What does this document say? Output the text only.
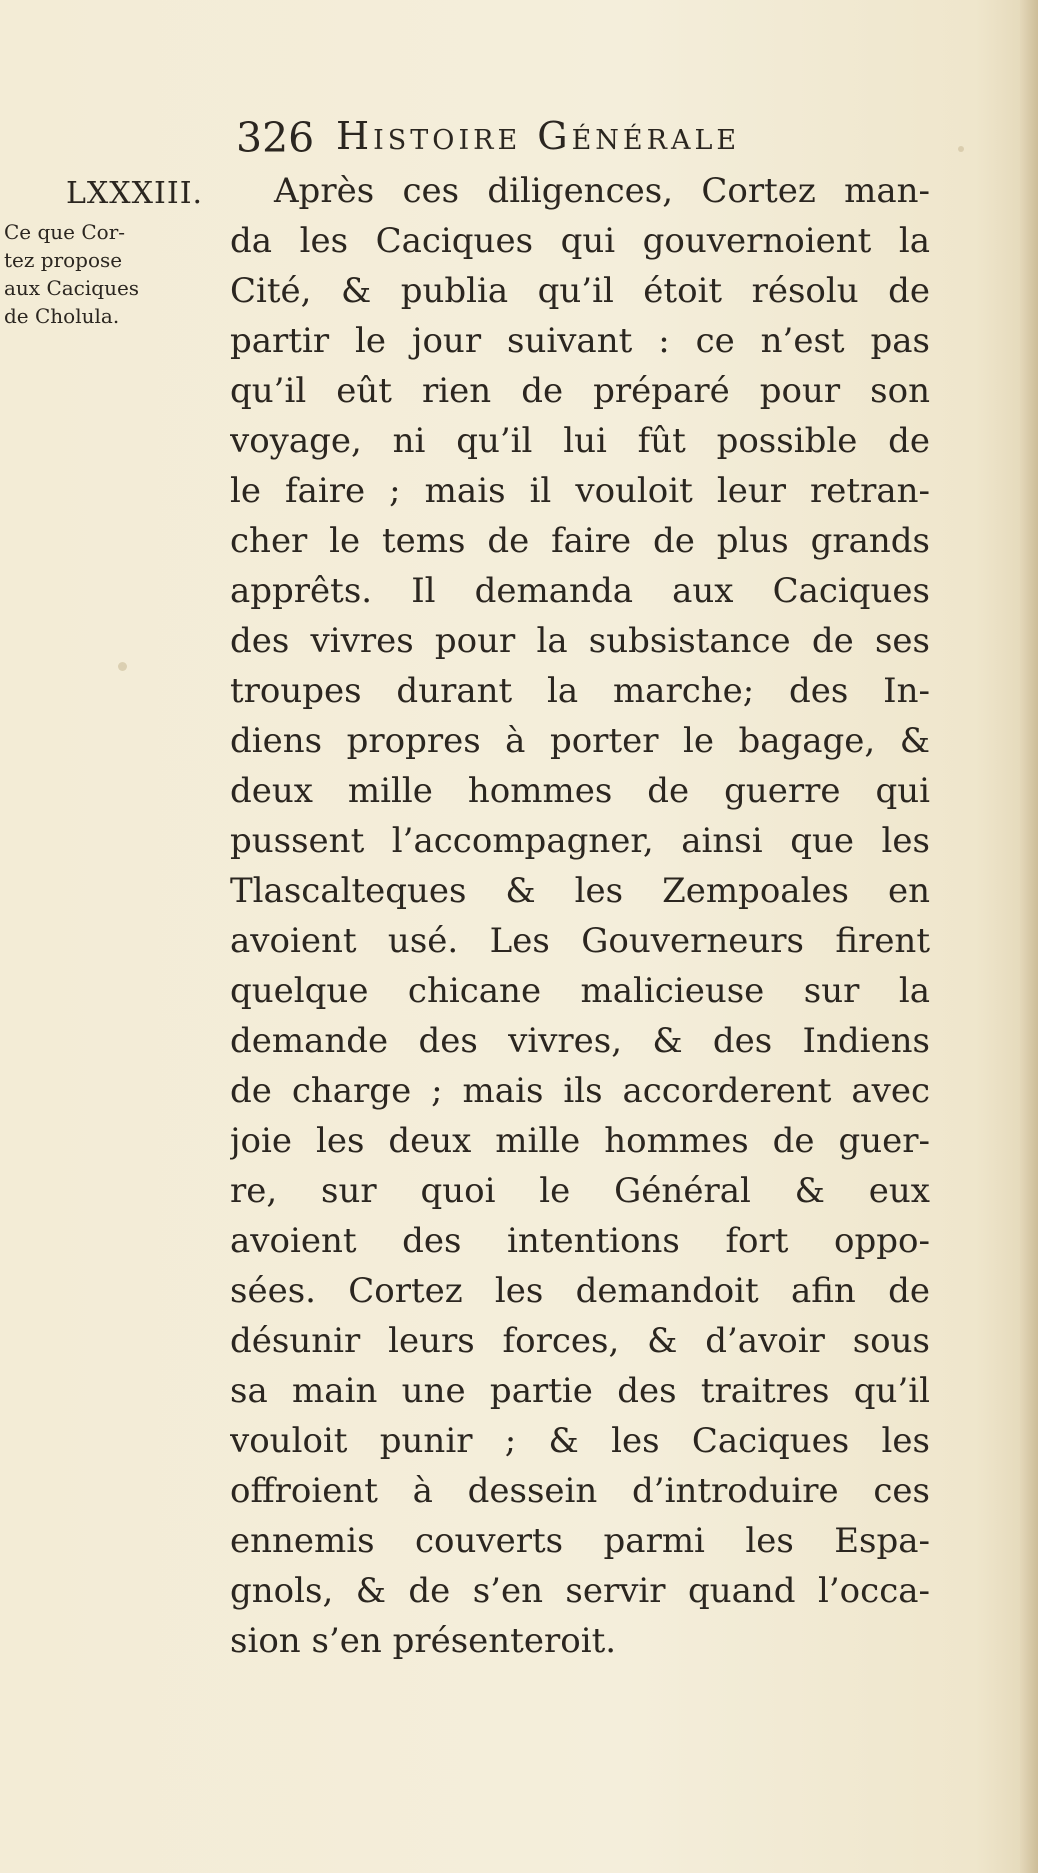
326 Histoire Générale
LXXXIII.
Ce que Cor-
tez propose
aux Caciques
de Cholula.
Après ces diligences, Cortez man-
da les Caciques qui gouvernoient la
Cité, & publia qu’il étoit résolu de
partir le jour suivant : ce n’est pas
qu’il eût rien de préparé pour son
voyage, ni qu’il lui fût possible de
le faire ; mais il vouloit leur retran-
cher le tems de faire de plus grands
apprêts. Il demanda aux Caciques
des vivres pour la subsistance de ses
troupes durant la marche; des In-
diens propres à porter le bagage, &
deux mille hommes de guerre qui
pussent l’accompagner, ainsi que les
Tlascalteques & les Zempoales en
avoient usé. Les Gouverneurs firent
quelque chicane malicieuse sur la
demande des vivres, & des Indiens
de charge ; mais ils accorderent avec
joie les deux mille hommes de guer-
re, sur quoi le Général & eux
avoient des intentions fort oppo-
sées. Cortez les demandoit afin de
désunir leurs forces, & d’avoir sous
sa main une partie des traitres qu’il
vouloit punir ; & les Caciques les
offroient à dessein d’introduire ces
ennemis couverts parmi les Espa-
gnols, & de s’en servir quand l’occa-
sion s’en présenteroit.
